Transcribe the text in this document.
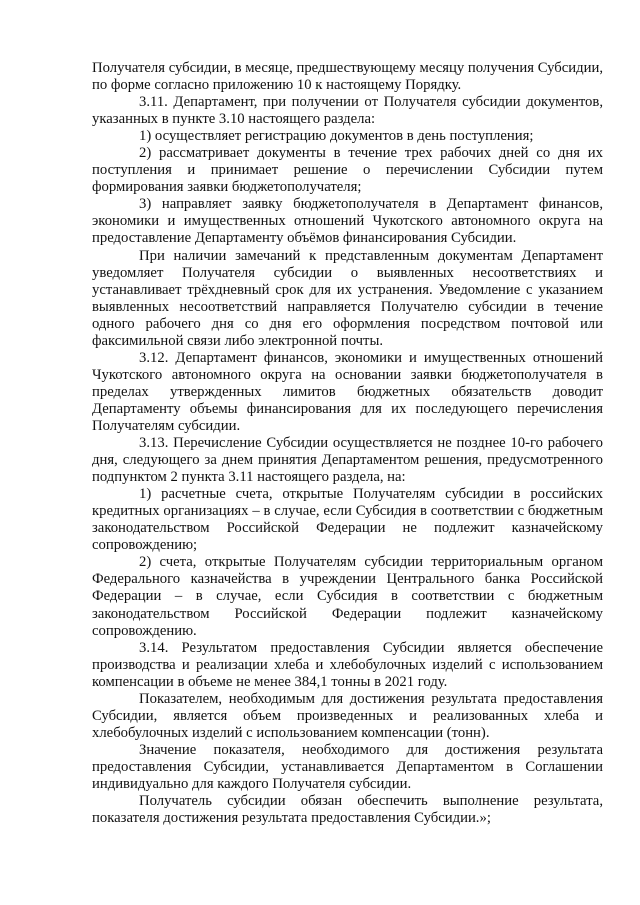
Получателя субсидии, в месяце, предшествующему месяцу получения Субсидии, по форме согласно приложению 10 к настоящему Порядку.

3.11. Департамент, при получении от Получателя субсидии документов, указанных в пункте 3.10 настоящего раздела:

1) осуществляет регистрацию документов в день поступления;

2) рассматривает документы в течение трех рабочих дней со дня их поступления и принимает решение о перечислении Субсидии путем формирования заявки бюджетополучателя;

3) направляет заявку бюджетополучателя в Департамент финансов, экономики и имущественных отношений Чукотского автономного округа на предоставление Департаменту объёмов финансирования Субсидии.

При наличии замечаний к представленным документам Департамент уведомляет Получателя субсидии о выявленных несоответствиях и устанавливает трёхдневный срок для их устранения. Уведомление с указанием выявленных несоответствий направляется Получателю субсидии в течение одного рабочего дня со дня его оформления посредством почтовой или факсимильной связи либо электронной почты.

3.12. Департамент финансов, экономики и имущественных отношений Чукотского автономного округа на основании заявки бюджетополучателя в пределах утвержденных лимитов бюджетных обязательств доводит Департаменту объемы финансирования для их последующего перечисления Получателям субсидии.

3.13. Перечисление Субсидии осуществляется не позднее 10-го рабочего дня, следующего за днем принятия Департаментом решения, предусмотренного подпунктом 2 пункта 3.11 настоящего раздела, на:

1) расчетные счета, открытые Получателям субсидии в российских кредитных организациях – в случае, если Субсидия в соответствии с бюджетным законодательством Российской Федерации не подлежит казначейскому сопровождению;

2) счета, открытые Получателям субсидии территориальным органом Федерального казначейства в учреждении Центрального банка Российской Федерации – в случае, если Субсидия в соответствии с бюджетным законодательством Российской Федерации подлежит казначейскому сопровождению.

3.14. Результатом предоставления Субсидии является обеспечение производства и реализации хлеба и хлебобулочных изделий с использованием компенсации в объеме не менее 384,1 тонны в 2021 году.

Показателем, необходимым для достижения результата предоставления Субсидии, является объем произведенных и реализованных хлеба и хлебобулочных изделий с использованием компенсации (тонн).

Значение показателя, необходимого для достижения результата предоставления Субсидии, устанавливается Департаментом в Соглашении индивидуально для каждого Получателя субсидии.

Получатель субсидии обязан обеспечить выполнение результата, показателя достижения результата предоставления Субсидии.»;
